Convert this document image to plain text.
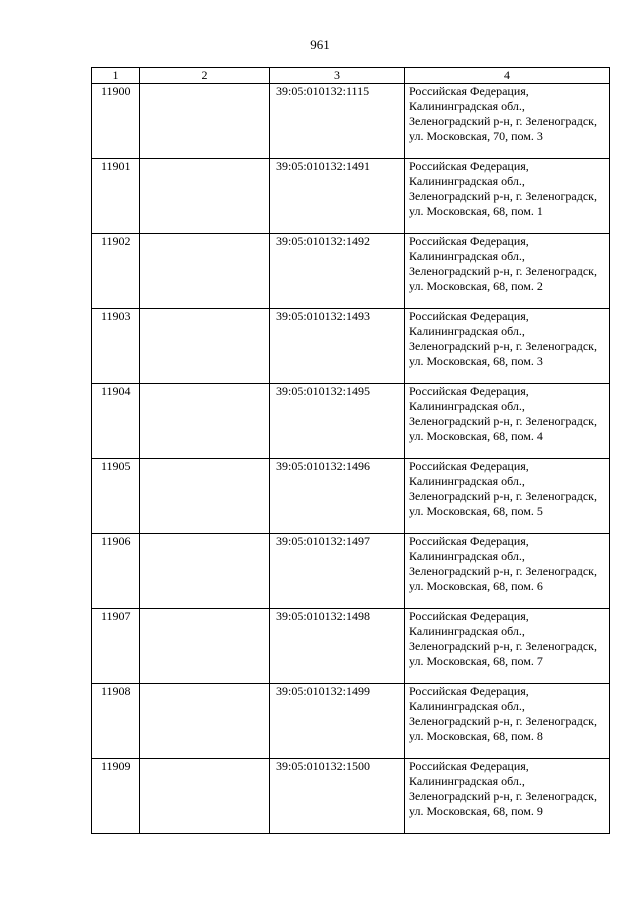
961
1	2	3	4
11900		39:05:010132:1115	Российская Федерация, Калининградская обл., Зеленоградский р-н, г. Зеленоградск, ул. Московская, 70, пом. 3
11901		39:05:010132:1491	Российская Федерация, Калининградская обл., Зеленоградский р-н, г. Зеленоградск, ул. Московская, 68, пом. 1
11902		39:05:010132:1492	Российская Федерация, Калининградская обл., Зеленоградский р-н, г. Зеленоградск, ул. Московская, 68, пом. 2
11903		39:05:010132:1493	Российская Федерация, Калининградская обл., Зеленоградский р-н, г. Зеленоградск, ул. Московская, 68, пом. 3
11904		39:05:010132:1495	Российская Федерация, Калининградская обл., Зеленоградский р-н, г. Зеленоградск, ул. Московская, 68, пом. 4
11905		39:05:010132:1496	Российская Федерация, Калининградская обл., Зеленоградский р-н, г. Зеленоградск, ул. Московская, 68, пом. 5
11906		39:05:010132:1497	Российская Федерация, Калининградская обл., Зеленоградский р-н, г. Зеленоградск, ул. Московская, 68, пом. 6
11907		39:05:010132:1498	Российская Федерация, Калининградская обл., Зеленоградский р-н, г. Зеленоградск, ул. Московская, 68, пом. 7
11908		39:05:010132:1499	Российская Федерация, Калининградская обл., Зеленоградский р-н, г. Зеленоградск, ул. Московская, 68, пом. 8
11909		39:05:010132:1500	Российская Федерация, Калининградская обл., Зеленоградский р-н, г. Зеленоградск, ул. Московская, 68, пом. 9
